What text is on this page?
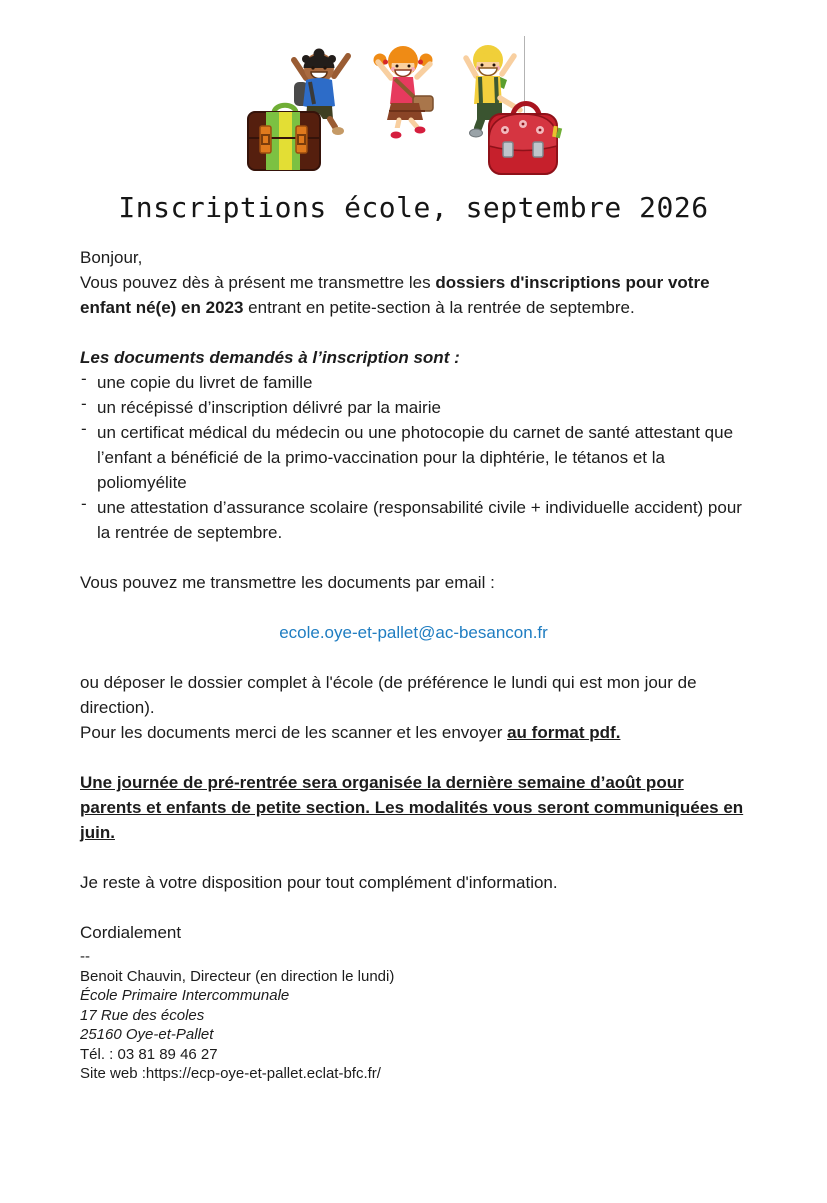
Inscriptions école, septembre 2026

Bonjour,
Vous pouvez dès à présent me transmettre les dossiers d'inscriptions pour votre enfant né(e) en 2023 entrant en petite-section à la rentrée de septembre.

Les documents demandés à l’inscription sont :

- une copie du livret de famille
- un récépissé d’inscription délivré par la mairie
- un certificat médical du médecin ou une photocopie du carnet de santé attestant que l’enfant a bénéficié de la primo-vaccination pour la diphtérie, le tétanos et la poliomyélite
- une attestation d’assurance scolaire (responsabilité civile + individuelle accident) pour la rentrée de septembre.

Vous pouvez me transmettre les documents par email :

ecole.oye-et-pallet@ac-besancon.fr

ou déposer le dossier complet à l'école (de préférence le lundi qui est mon jour de direction).
Pour les documents merci de les scanner et les envoyer au format pdf.

Une journée de pré-rentrée sera organisée la dernière semaine d’août pour parents et enfants de petite section. Les modalités vous seront communiquées en juin.

Je reste à votre disposition pour tout complément d'information.

Cordialement

--
Benoit Chauvin, Directeur (en direction le lundi)
École Primaire Intercommunale
17 Rue des écoles
25160 Oye-et-Pallet
Tél. : 03 81 89 46 27
Site web :https://ecp-oye-et-pallet.eclat-bfc.fr/
